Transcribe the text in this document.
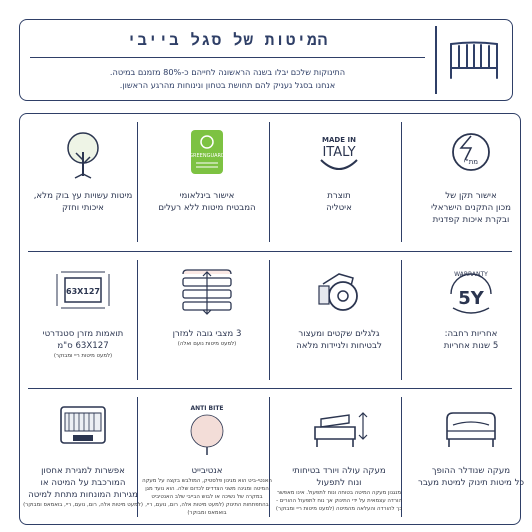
המיטות של סגל בייבי
התינוקות שלכם יבלו בשנה הראשונה לחייהם כ-80% מזמנם במיטה.
אנחנו בסגל נעניק להם תחושת בטחון ונינוחות מהרגע הראשון.
מיטות עשויות עץ בוק מלא,
איכותי וחזק
GREENGUARD
אישור בינלאומי
המבטיח מיטות ללא רעלים
MADE IN
ITALY
תוצרת
איטליה
מת"י
אישור תקן של
מכון התקנים הישראלי
ובקרת איכות קפדנית
63X127
תואמות מזרן סטנדרטי
63X127 ס"מ
(למעט מיטות ריי ומבוקר)
3 מצבי גובה למזרן
(למעט מיטות נועם ואלה)
גלגלים שקטים ומעצור
לבטיחות ולניידות מלאה
WARRANTY
5Y
אחריות רחבה:
5 שנות אחריות
אפשרות למגירת אחסון
המורכבת על המיטה או
מגירות המונחות מתחת למיטה
(למעט מיטות אלה, רום, נועם, ריי, בואמאס ומבוקר)
ANTI BITE
אנטיבייט
האנטי-ביט הוא מגינון פלסטיק, המולבש בקצה על מעקה המיטה ומגינה משני הצדדים לכדום שלה. הוא נועד מגן במקרה של נשיכה או לבוש הבייבי שלב האנטיביט בהתפתחות התינוק (למעט מיטות אלה, רום, נועם, ריי, בואמאס ומבוקר)
מעקה עולה ויורד בטיחותי
ונוח לתפעול
מנגנון מעקה המיטה בטוחה ונוח לתפעול. אינו מאפשר הורדה עצמאית על ידי התינוק אך נוח לתפעול ההורים - כך להורדה והעלאה מהמיטה (למעט מיטות ריי ומבוקר)
מעקה שנודלר ההופך
כל מיטות תינוק למיטת מעבר
